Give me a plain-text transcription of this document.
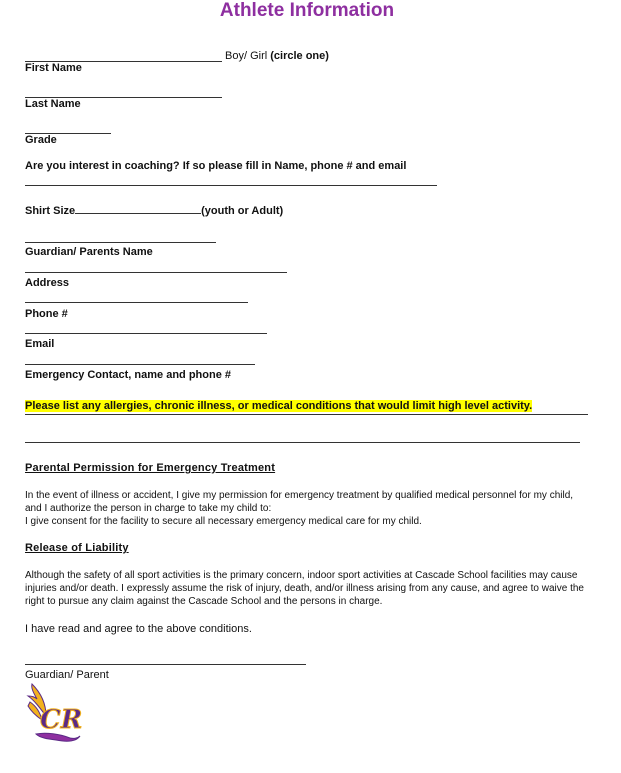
Athlete Information
Boy/ Girl (circle one)
First Name
Last Name
Grade
Are you interest in coaching? If so please fill in Name, phone # and email
Shirt Size	(youth or Adult)
Guardian/ Parents Name
Address
Phone #
Email
Emergency Contact, name and phone #
Please list any allergies, chronic illness, or medical conditions that would limit high level activity.
Parental Permission for Emergency Treatment
In the event of illness or accident, I give my permission for emergency treatment by qualified medical personnel for my child, and I authorize the person in charge to take my child to:
I give consent for the facility to secure all necessary emergency medical care for my child.
Release of Liability
Although the safety of all sport activities is the primary concern, indoor sport activities at Cascade School facilities may cause injuries and/or death. I expressly assume the risk of injury, death, and/or illness arising from any cause, and agree to waive the right to pursue any claim against the Cascade School and the persons in charge.
I have read and agree to the above conditions.
Guardian/ Parent
CR
